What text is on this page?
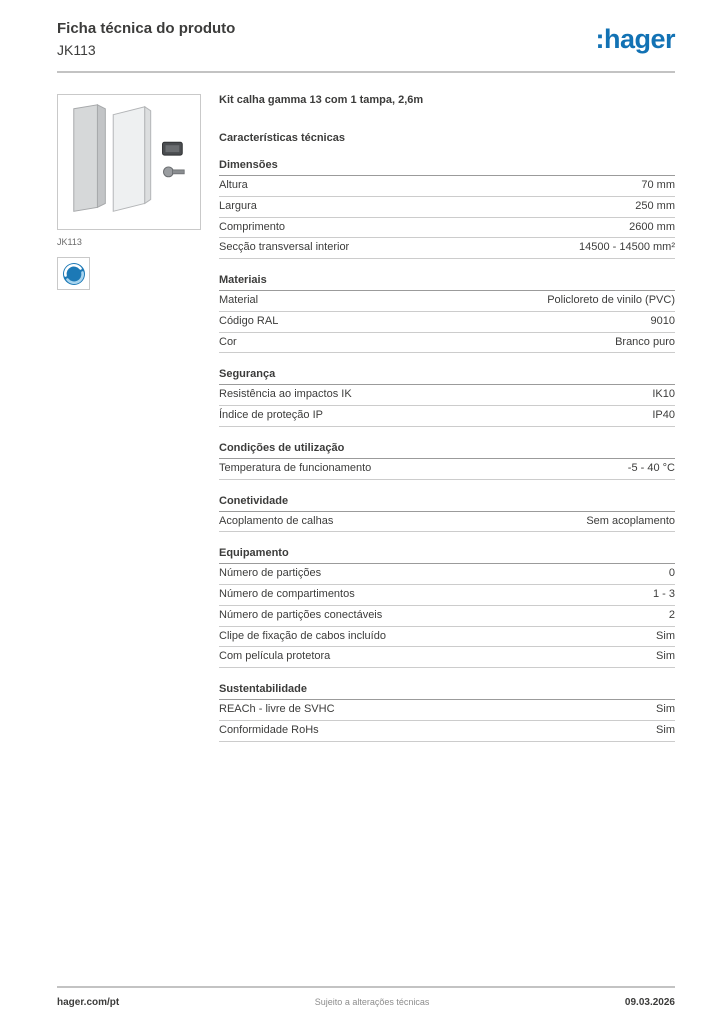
Ficha técnica do produto
JK113	:hager
JK113
Kit calha gamma 13 com 1 tampa, 2,6m
Características técnicas
Dimensões
Altura	70 mm
Largura	250 mm
Comprimento	2600 mm
Secção transversal interior	14500 - 14500 mm²
Materiais
Material	Policloreto de vinilo (PVC)
Código RAL	9010
Cor	Branco puro
Segurança
Resistência ao impactos IK	IK10
Índice de proteção IP	IP40
Condições de utilização
Temperatura de funcionamento	-5 - 40 °C
Conetividade
Acoplamento de calhas	Sem acoplamento
Equipamento
Número de partições	0
Número de compartimentos	1 - 3
Número de partições conectáveis	2
Clipe de fixação de cabos incluído	Sim
Com película protetora	Sim
Sustentabilidade
REACh - livre de SVHC	Sim
Conformidade RoHs	Sim
hager.com/pt	Sujeito a alterações técnicas	09.03.2026
